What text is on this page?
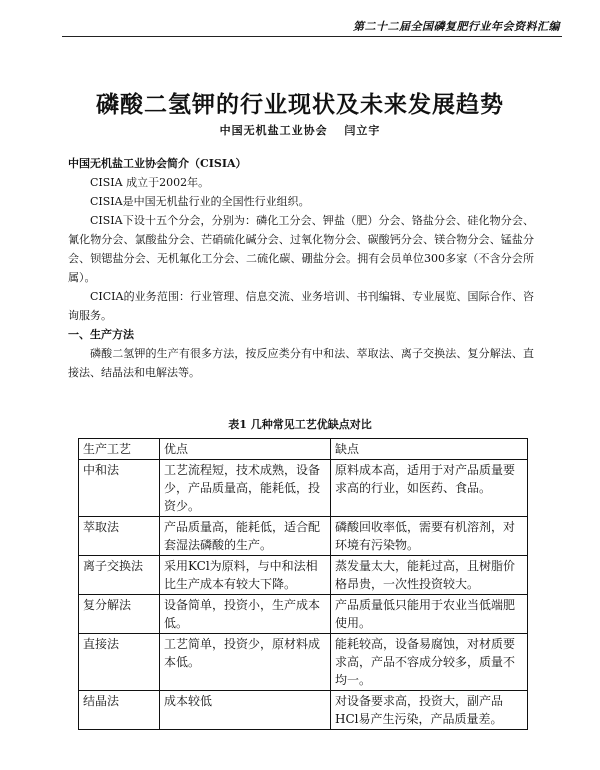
第二十二届全国磷复肥行业年会资料汇编
磷酸二氢钾的行业现状及未来发展趋势
中国无机盐工业协会 闫立宇

中国无机盐工业协会简介（CISIA）

CISIA 成立于2002年。

CISIA是中国无机盐行业的全国性行业组织。

CISIA下设十五个分会，分别为：磷化工分会、钾盐（肥）分会、铬盐分会、硅化物分会、氰化物分会、氯酸盐分会、芒硝硫化碱分会、过氧化物分会、碳酸钙分会、镁合物分会、锰盐分会、钡锶盐分会、无机氟化工分会、二硫化碳、硼盐分会。拥有会员单位300多家（不含分会所属）。

CICIA的业务范围：行业管理、信息交流、业务培训、书刊编辑、专业展览、国际合作、咨询服务。

一、生产方法

磷酸二氢钾的生产有很多方法，按反应类分有中和法、萃取法、离子交换法、复分解法、直接法、结晶法和电解法等。

表1 几种常见工艺优缺点对比
生产工艺	优点	缺点
中和法	工艺流程短，技术成熟，设备少，产品质量高，能耗低，投资少。	原料成本高，适用于对产品质量要求高的行业，如医药、食品。
萃取法	产品质量高，能耗低，适合配套湿法磷酸的生产。	磷酸回收率低，需要有机溶剂，对环境有污染物。
离子交换法	采用KCl为原料，与中和法相比生产成本有较大下降。	蒸发量太大，能耗过高，且树脂价格昂贵，一次性投资较大。
复分解法	设备简单，投资小，生产成本低。	产品质量低只能用于农业当低端肥使用。
直接法	工艺简单，投资少，原材料成本低。	能耗较高，设备易腐蚀，对材质要求高，产品不容成分较多，质量不均一。
结晶法	成本较低	对设备要求高，投资大，副产品HCl易产生污染，产品质量差。
